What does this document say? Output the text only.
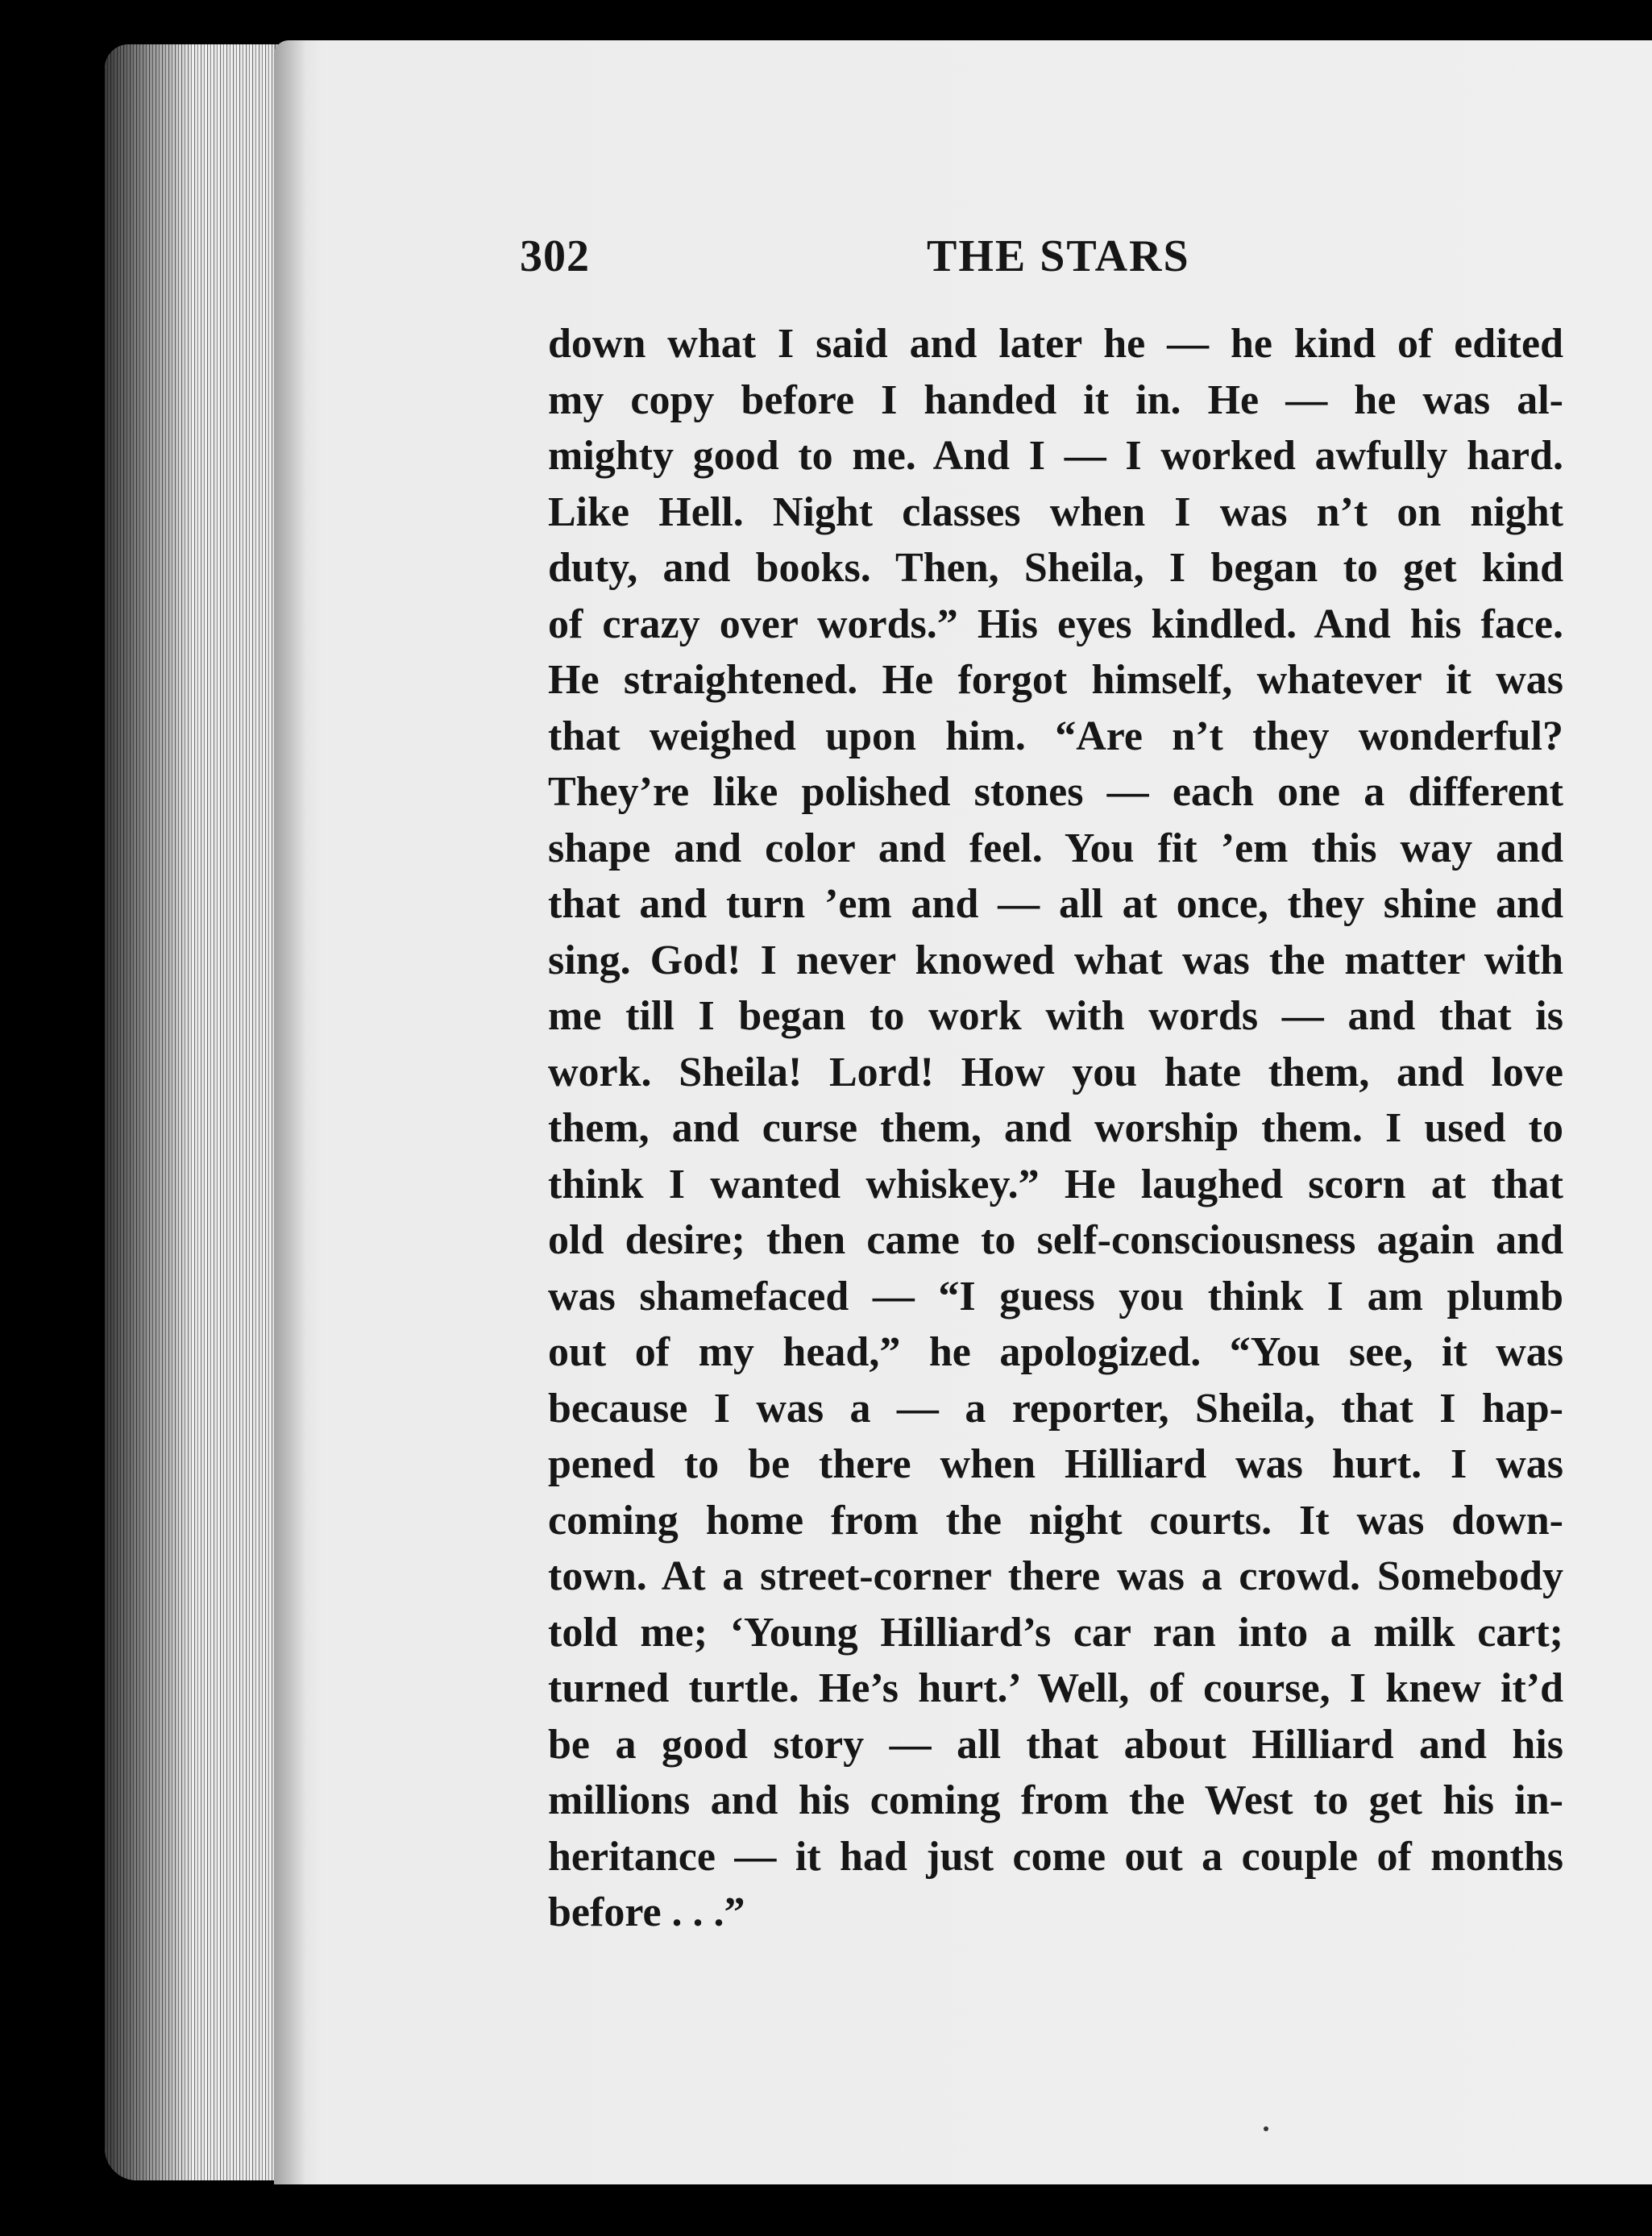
302	THE STARS
down what I said and later he — he kind of edited
my copy before I handed it in. He — he was al-
mighty good to me. And I — I worked awfully hard.
Like Hell. Night classes when I was n’t on night
duty, and books. Then, Sheila, I began to get kind
of crazy over words.” His eyes kindled. And his face.
He straightened. He forgot himself, whatever it was
that weighed upon him. “Are n’t they wonderful?
They’re like polished stones — each one a different
shape and color and feel. You fit ’em this way and
that and turn ’em and — all at once, they shine and
sing. God! I never knowed what was the matter with
me till I began to work with words — and that is
work. Sheila! Lord! How you hate them, and love
them, and curse them, and worship them. I used to
think I wanted whiskey.” He laughed scorn at that
old desire; then came to self-consciousness again and
was shamefaced — “I guess you think I am plumb
out of my head,” he apologized. “You see, it was
because I was a — a reporter, Sheila, that I hap-
pened to be there when Hilliard was hurt. I was
coming home from the night courts. It was down-
town. At a street-corner there was a crowd. Somebody
told me; ‘Young Hilliard’s car ran into a milk cart;
turned turtle. He’s hurt.’ Well, of course, I knew it’d
be a good story — all that about Hilliard and his
millions and his coming from the West to get his in-
heritance — it had just come out a couple of months
before . . .”
